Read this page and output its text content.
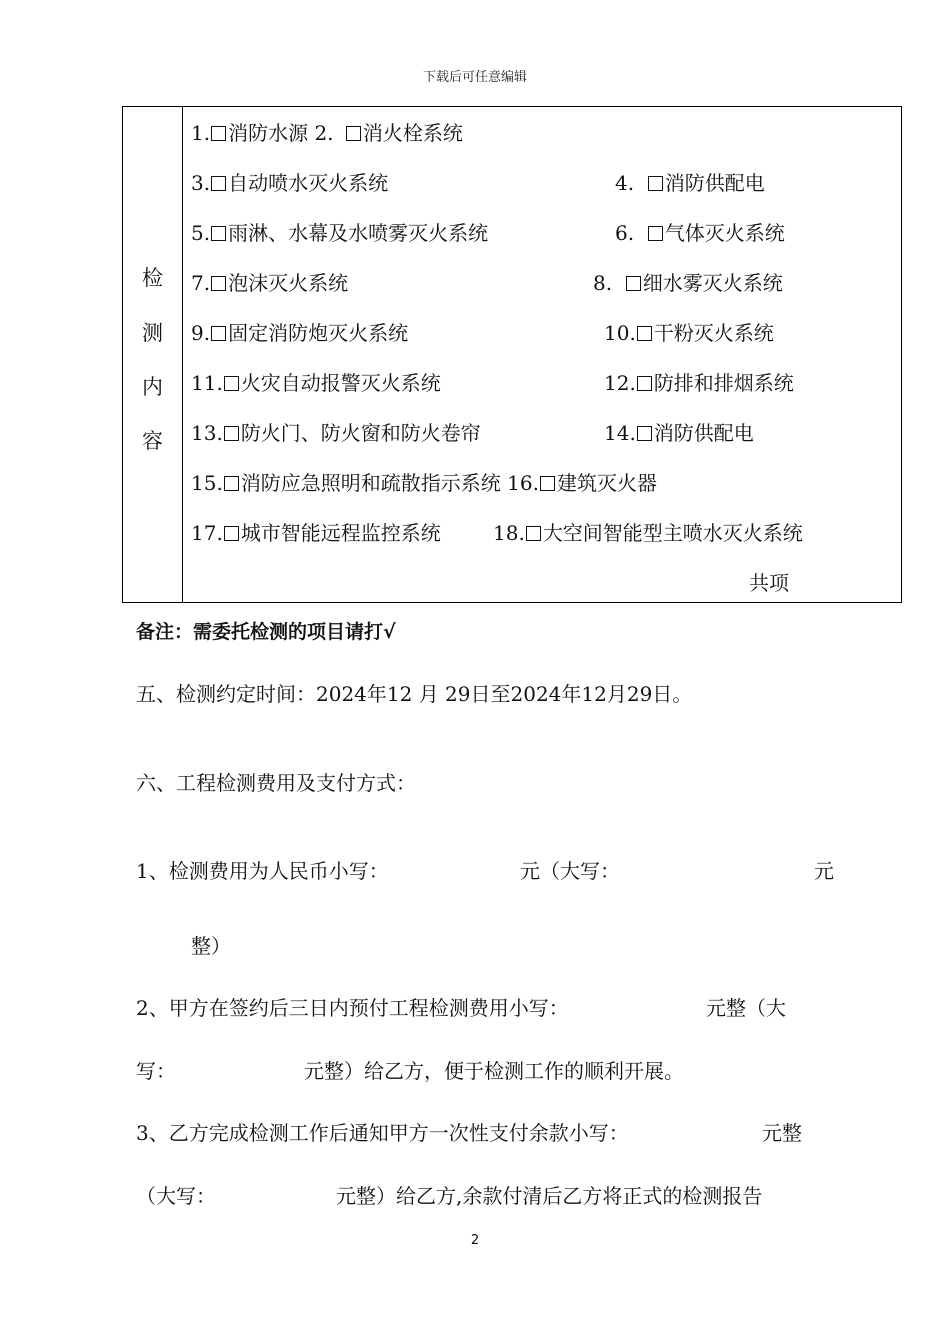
下载后可任意编辑
检
测
内
容
1. 消防水源 2. 消火栓系统
3. 自动喷水灭火系统	4. 消防供配电
5. 雨淋、水幕及水喷雾灭火系统	6. 气体灭火系统
7. 泡沫灭火系统	8. 细水雾灭火系统
9. 固定消防炮灭火系统	10. 干粉灭火系统
11. 火灾自动报警灭火系统	12. 防排和排烟系统
13. 防火门、防火窗和防火卷帘	14. 消防供配电
15. 消防应急照明和疏散指示系统 16. 建筑灭火器
17. 城市智能远程监控系统	18. 大空间智能型主喷水灭火系统
共项
备注：需委托检测的项目请打√
五、检测约定时间：2024年12 月 29日至2024年12月29日。
六、工程检测费用及支付方式：
1、检测费用为人民币小写：	元（大写：	元
整）
2、甲方在签约后三日内预付工程检测费用小写：	元整（大
写：	元整）给乙方，便于检测工作的顺利开展。
3、乙方完成检测工作后通知甲方一次性支付余款小写：	元整
（大写：	元整）给乙方,余款付清后乙方将正式的检测报告
2
